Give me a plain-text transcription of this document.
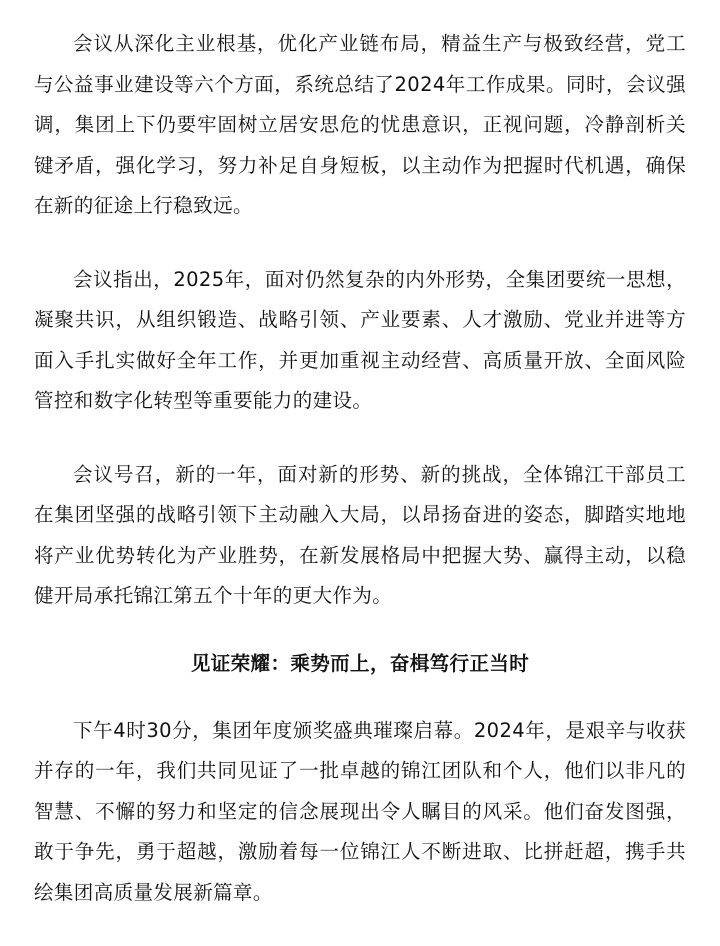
会议从深化主业根基，优化产业链布局，精益生产与极致经营，党工与公益事业建设等六个方面，系统总结了2024年工作成果。同时，会议强调，集团上下仍要牢固树立居安思危的忧患意识，正视问题，冷静剖析关键矛盾，强化学习，努力补足自身短板，以主动作为把握时代机遇，确保在新的征途上行稳致远。

会议指出，2025年，面对仍然复杂的内外形势，全集团要统一思想，凝聚共识，从组织锻造、战略引领、产业要素、人才激励、党业并进等方面入手扎实做好全年工作，并更加重视主动经营、高质量开放、全面风险管控和数字化转型等重要能力的建设。

会议号召，新的一年，面对新的形势、新的挑战，全体锦江干部员工在集团坚强的战略引领下主动融入大局，以昂扬奋进的姿态，脚踏实地地将产业优势转化为产业胜势，在新发展格局中把握大势、赢得主动，以稳健开局承托锦江第五个十年的更大作为。

见证荣耀：乘势而上，奋楫笃行正当时

下午4时30分，集团年度颁奖盛典璀璨启幕。2024年，是艰辛与收获并存的一年，我们共同见证了一批卓越的锦江团队和个人，他们以非凡的智慧、不懈的努力和坚定的信念展现出令人瞩目的风采。他们奋发图强，敢于争先，勇于超越，激励着每一位锦江人不断进取、比拼赶超，携手共绘集团高质量发展新篇章。
